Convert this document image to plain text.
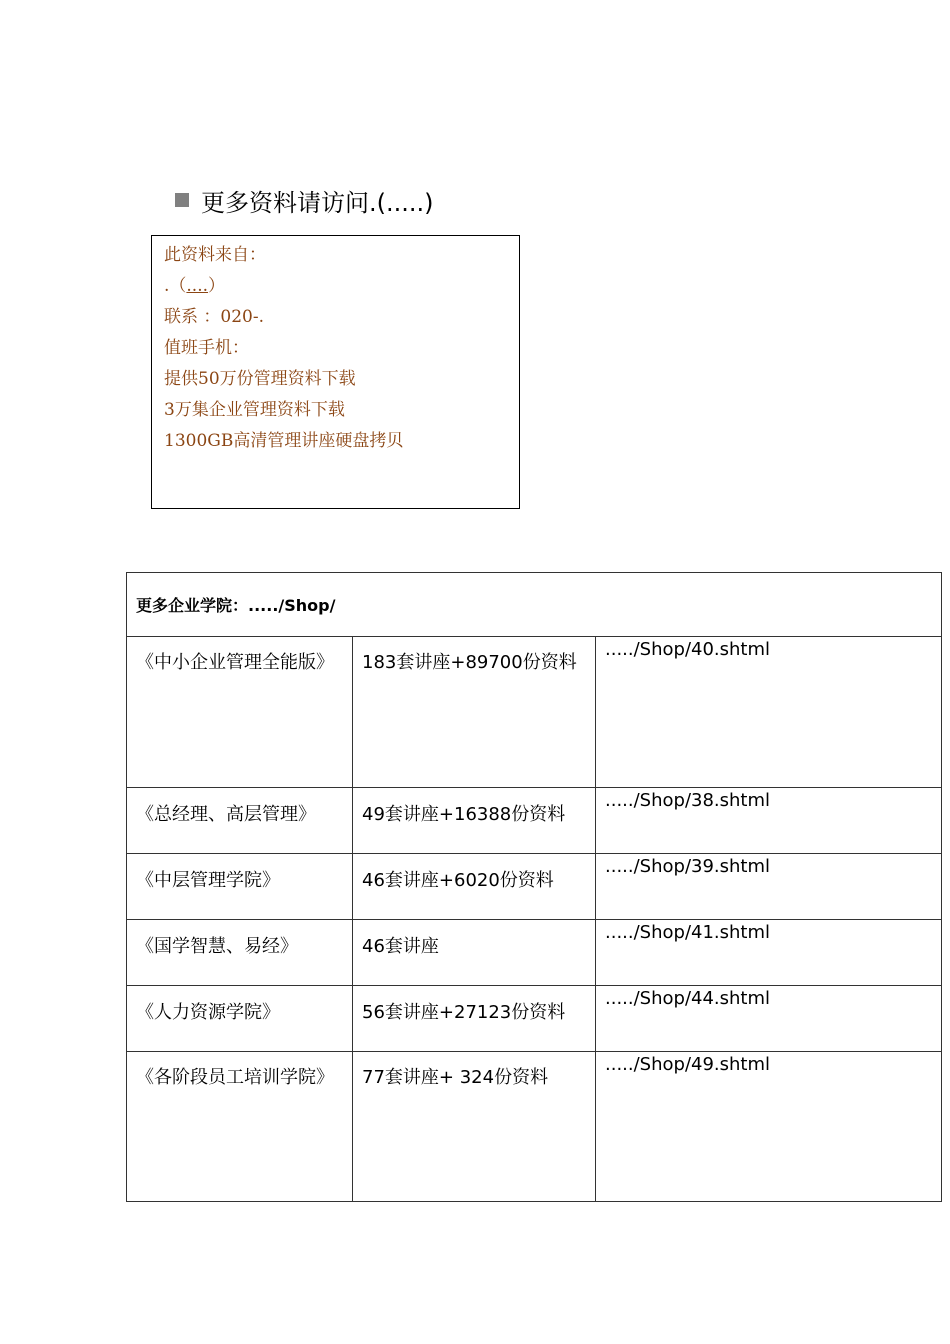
更多资料请访问.(.....)
此资料来自：
.（....）
联系 ：020-.
值班手机：
提供50万份管理资料下载
3万集企业管理资料下载
1300GB高清管理讲座硬盘拷贝
更多企业学院：...../Shop/		

《中小企业管理全能版》	183套讲座+89700份资料	...../Shop/40.shtml

《总经理、高层管理》	49套讲座+16388份资料	...../Shop/38.shtml

《中层管理学院》	46套讲座+6020份资料	...../Shop/39.shtml

《国学智慧、易经》	46套讲座	...../Shop/41.shtml

《人力资源学院》	56套讲座+27123份资料	...../Shop/44.shtml

《各阶段员工培训学院》	77套讲座+ 324份资料	...../Shop/49.shtml
